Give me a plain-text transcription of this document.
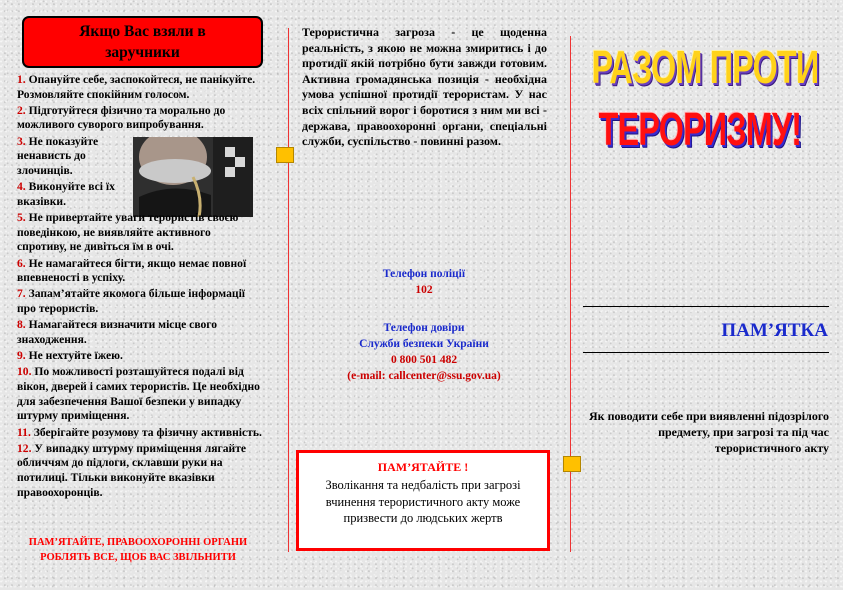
Якщо Вас взяли в
заручники
1. Опануйте себе, заспокойтеся, не панікуйте. Розмовляйте спокійним голосом.
2. Підготуйтеся фізично та морально до можливого суворого випробування.
3. Не показуйте ненависть до злочинців.
4. Виконуйте всі їх вказівки.
5. Не привертайте уваги терористів своєю поведінкою, не виявляйте активного спротиву, не дивіться їм в очі.
6. Не намагайтеся бігти, якщо немає повної впевненості в успіху.
7. Запам’ятайте якомога більше інформації про терористів.
8. Намагайтеся визначити місце свого знаходження.
9. Не нехтуйте їжею.
10. По можливості розташуйтеся подалі від вікон, дверей і самих терористів. Це необхідно для забезпечення Вашої безпеки у випадку штурму приміщення.
11. Зберігайте розумову та фізичну активність.
12. У випадку штурму приміщення лягайте обличчям до підлоги, склавши руки на потилиці. Тільки виконуйте вказівки правоохоронців.
ПАМ’ЯТАЙТЕ, ПРАВООХОРОННІ ОРГАНИ
РОБЛЯТЬ ВСЕ, ЩОБ ВАС ЗВІЛЬНИТИ
Терористична загроза - це щоденна реальність, з якою не можна змиритись і до протидії якій потрібно бути завжди готовим. Активна громадянська позиція - необхідна умова успішної протидії терористам. У нас всіх спільний ворог і боротися з ним ми всі - держава, правоохоронні органи, спеціальні служби, суспільство - повинні разом.
Телефон поліції
102
Телефон довіри
Служби безпеки України
0 800 501 482
(e-mail: callcenter@ssu.gov.ua)
ПАМ’ЯТАЙТЕ !
Зволікання та недбалість при загрозі вчинення терористичного акту може призвести до людських жертв
РАЗОМ ПРОТИ
ТЕРОРИЗМУ!
ПАМ’ЯТКА
Як поводити себе при виявленні підозрілого предмету, при загрозі та під час терористичного акту
